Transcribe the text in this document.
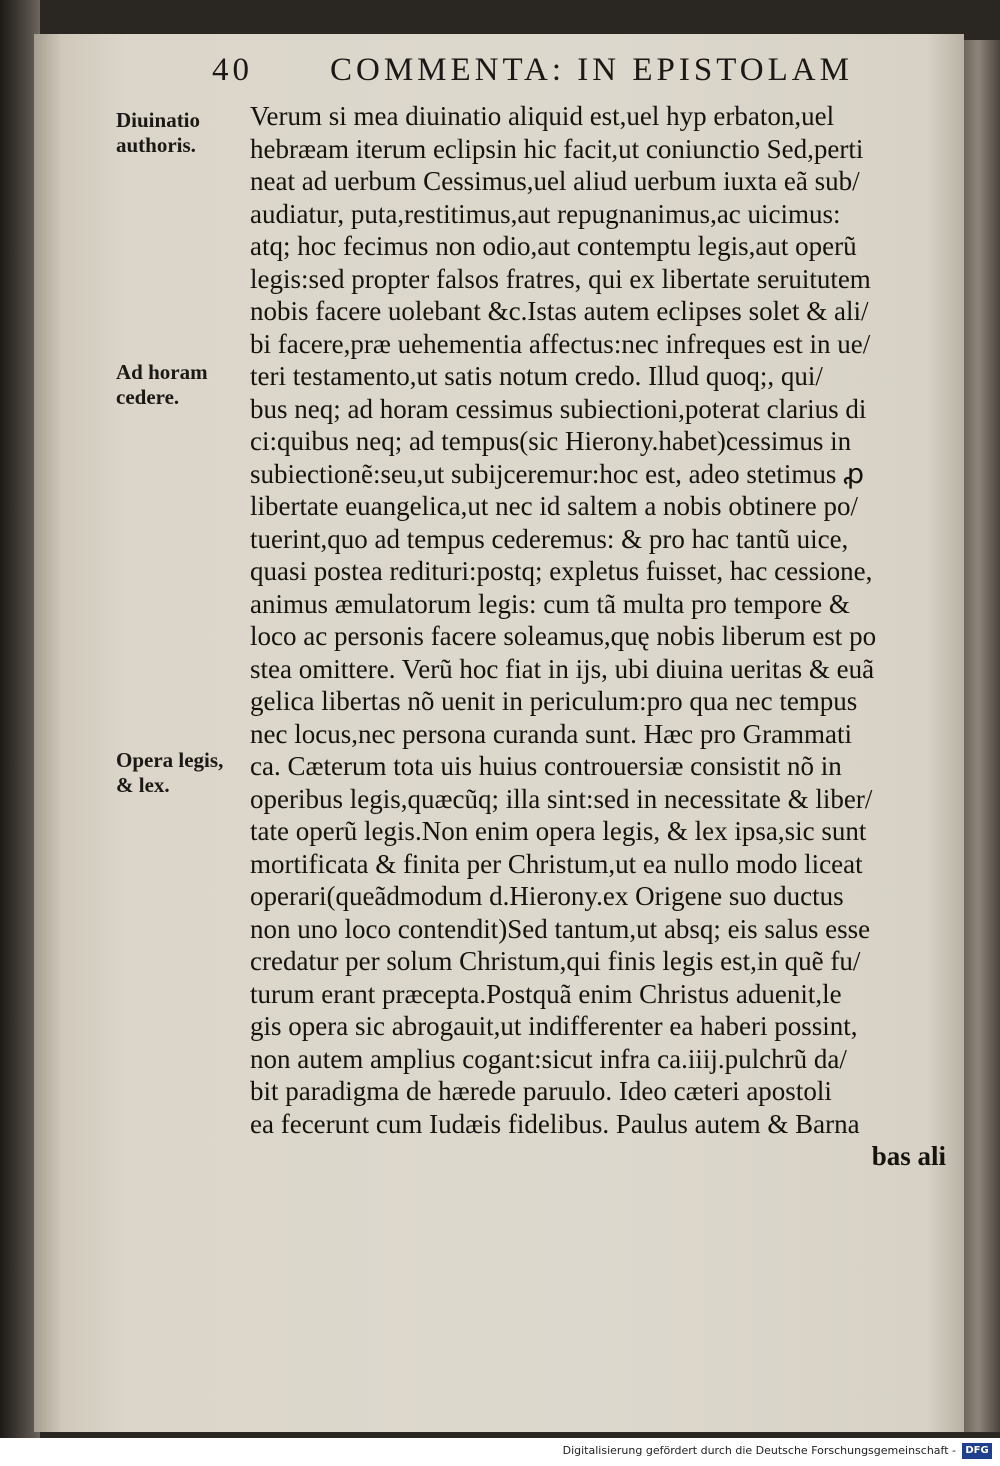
40 COMMENTA: IN EPISTOLAM
Diuinatio
authoris.
Ad horam
cedere.
Opera legis,
& lex.
Verum si mea diuinatio aliquid est,uel hyp erbaton,uel
hebræam iterum eclipsin hic facit,ut coniunctio Sed,perti
neat ad uerbum Cessimus,uel aliud uerbum iuxta eã sub/
audiatur, puta,restitimus,aut repugnanimus,ac uicimus:
atq; hoc fecimus non odio,aut contemptu legis,aut operũ
legis:sed propter falsos fratres, qui ex libertate seruitutem
nobis facere uolebant &c.Istas autem eclipses solet & ali/
bi facere,præ uehementia affectus:nec infreques est in ue/
teri testamento,ut satis notum credo. Illud quoq;, qui/
bus neq; ad horam cessimus subiectioni,poterat clarius di
ci:quibus neq; ad tempus(sic Hierony.habet)cessimus in
subiectionẽ:seu,ut subijceremur:hoc est, adeo stetimus ꝓ
libertate euangelica,ut nec id saltem a nobis obtinere po/
tuerint,quo ad tempus cederemus: & pro hac tantũ uice,
quasi postea redituri:postq; expletus fuisset, hac cessione,
animus æmulatorum legis: cum tã multa pro tempore &
loco ac personis facere soleamus,quę nobis liberum est po
stea omittere. Verũ hoc fiat in ijs, ubi diuina ueritas & euã
gelica libertas nõ uenit in periculum:pro qua nec tempus
nec locus,nec persona curanda sunt. Hæc pro Grammati
ca. Cæterum tota uis huius controuersiæ consistit nõ in
operibus legis,quæcũq; illa sint:sed in necessitate & liber/
tate operũ legis.Non enim opera legis, & lex ipsa,sic sunt
mortificata & finita per Christum,ut ea nullo modo liceat
operari(queãdmodum d.Hierony.ex Origene suo ductus
non uno loco contendit)Sed tantum,ut absq; eis salus esse
credatur per solum Christum,qui finis legis est,in quẽ fu/
turum erant præcepta.Postquã enim Christus aduenit,le
gis opera sic abrogauit,ut indifferenter ea haberi possint,
non autem amplius cogant:sicut infra ca.iiij.pulchrũ da/
bit paradigma de hærede paruulo. Ideo cæteri apostoli
ea fecerunt cum Iudæis fidelibus. Paulus autem & Barna
bas ali
Digitalisierung gefördert durch die Deutsche Forschungsgemeinschaft - DFG
